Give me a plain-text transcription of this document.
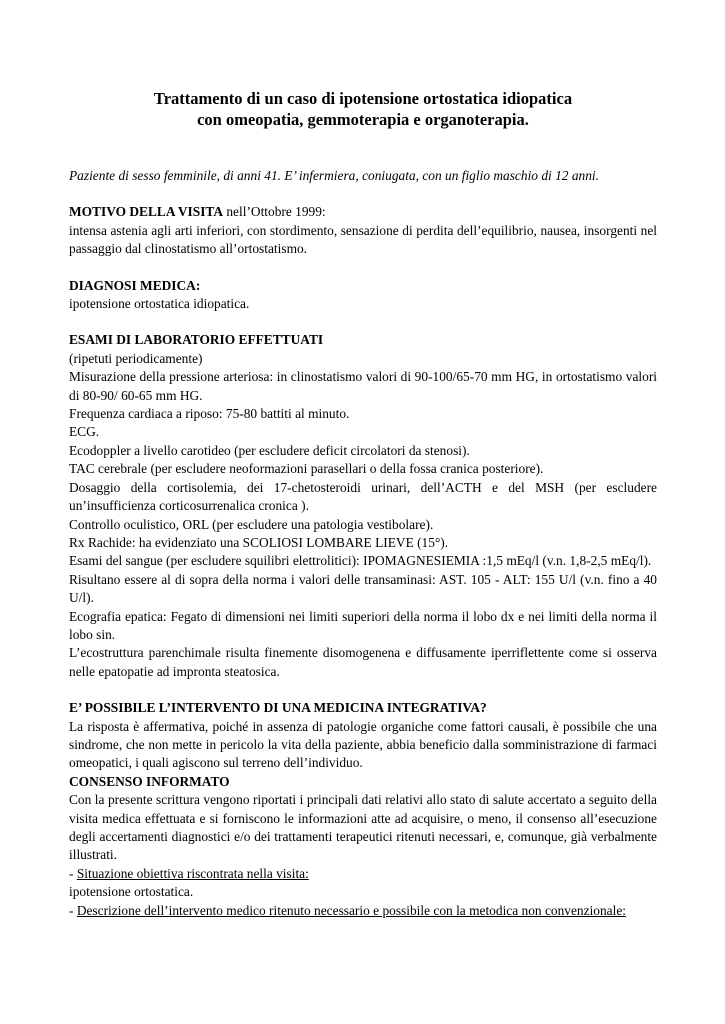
Trattamento di un caso di ipotensione ortostatica idiopatica
con omeopatia, gemmoterapia e organoterapia.

Paziente di sesso femminile, di anni 41. E’ infermiera, coniugata, con un figlio maschio di 12 anni.

MOTIVO DELLA VISITA nell’Ottobre 1999:

intensa astenia agli arti inferiori, con stordimento, sensazione di perdita dell’equilibrio, nausea, insorgenti nel passaggio dal clinostatismo all’ortostatismo.

DIAGNOSI MEDICA:

ipotensione ortostatica idiopatica.

ESAMI DI LABORATORIO EFFETTUATI

(ripetuti periodicamente)

Misurazione della pressione arteriosa: in clinostatismo valori di 90-100/65-70 mm HG, in ortostatismo valori di 80-90/ 60-65 mm HG.

Frequenza cardiaca a riposo: 75-80 battiti al minuto.

ECG.

Ecodoppler a livello carotideo (per escludere deficit circolatori da stenosi).

TAC cerebrale (per escludere neoformazioni parasellari o della fossa cranica posteriore).

Dosaggio della cortisolemia, dei 17-chetosteroidi urinari, dell’ACTH e del MSH (per escludere un’insufficienza corticosurrenalica cronica ).

Controllo oculistico, ORL (per escludere una patologia vestibolare).

Rx Rachide: ha evidenziato una SCOLIOSI LOMBARE LIEVE (15°).

Esami del sangue (per escludere squilibri elettrolitici): IPOMAGNESIEMIA :1,5 mEq/l (v.n. 1,8-2,5 mEq/l).

Risultano essere al di sopra della norma i valori delle transaminasi: AST. 105 - ALT: 155 U/l (v.n. fino a 40 U/l).

Ecografia epatica: Fegato di dimensioni nei limiti superiori della norma il lobo dx e nei limiti della norma il lobo sin.

L’ecostruttura parenchimale risulta finemente disomogenena e diffusamente iperriflettente come si osserva nelle epatopatie ad impronta steatosica.

E’ POSSIBILE L’INTERVENTO DI UNA MEDICINA INTEGRATIVA?

La risposta è affermativa, poiché in assenza di patologie organiche come fattori causali, è possibile che una sindrome, che non mette in pericolo la vita della paziente, abbia beneficio dalla somministrazione di farmaci omeopatici, i quali agiscono sul terreno dell’individuo.

CONSENSO INFORMATO

Con la presente scrittura vengono riportati i principali dati relativi allo stato di salute accertato a seguito della visita medica effettuata e si forniscono le informazioni atte ad acquisire, o meno, il consenso all’esecuzione degli accertamenti diagnostici e/o dei trattamenti terapeutici ritenuti necessari, e, comunque, già verbalmente illustrati.

- Situazione obiettiva riscontrata nella visita:

ipotensione ortostatica.

- Descrizione dell’intervento medico ritenuto necessario e possibile con la metodica non convenzionale:
